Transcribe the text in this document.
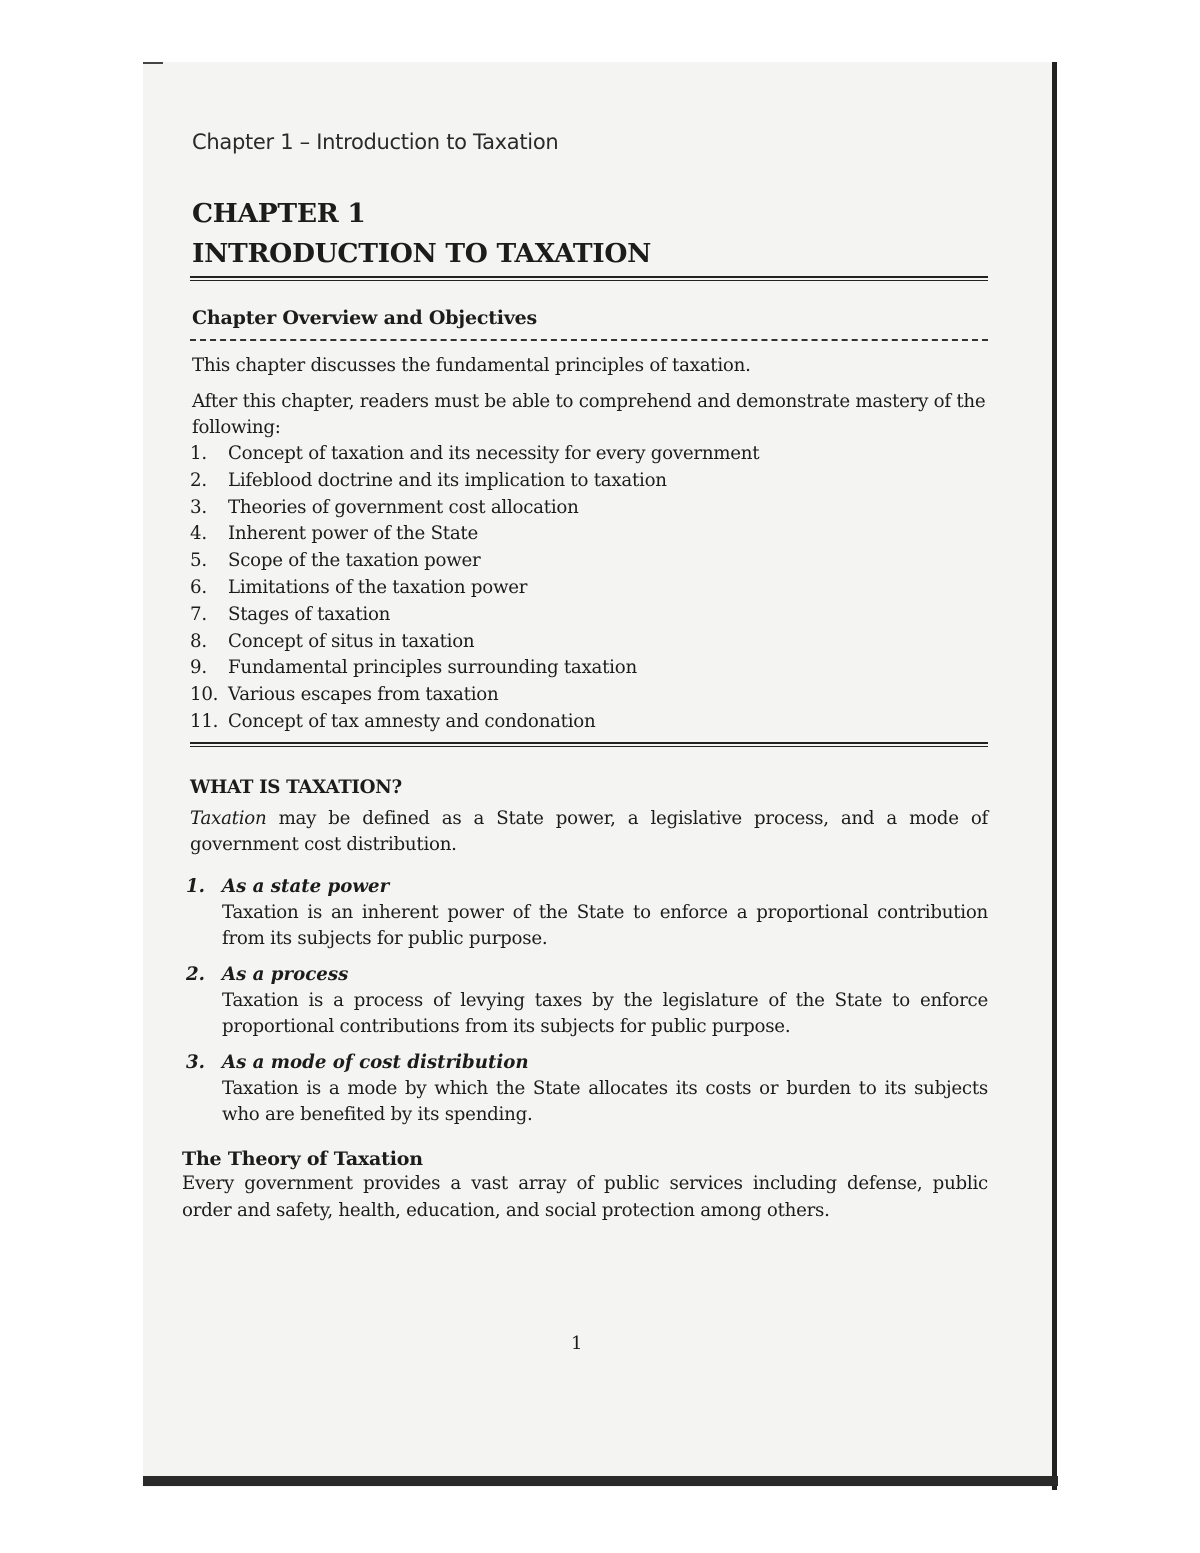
Chapter 1 – Introduction to Taxation
CHAPTER 1
INTRODUCTION TO TAXATION
Chapter Overview and Objectives

This chapter discusses the fundamental principles of taxation.

After this chapter, readers must be able to comprehend and demonstrate mastery of the following:

1.	Concept of taxation and its necessity for every government
2.	Lifeblood doctrine and its implication to taxation
3.	Theories of government cost allocation
4.	Inherent power of the State
5.	Scope of the taxation power
6.	Limitations of the taxation power
7.	Stages of taxation
8.	Concept of situs in taxation
9.	Fundamental principles surrounding taxation
10. Various escapes from taxation
11. Concept of tax amnesty and condonation
WHAT IS TAXATION?

Taxation may be defined as a State power, a legislative process, and a mode of government cost distribution.

1. As a state power
Taxation is an inherent power of the State to enforce a proportional contribution from its subjects for public purpose.
2. As a process
Taxation is a process of levying taxes by the legislature of the State to enforce proportional contributions from its subjects for public purpose.
3. As a mode of cost distribution
Taxation is a mode by which the State allocates its costs or burden to its subjects who are benefited by its spending.
The Theory of Taxation

Every government provides a vast array of public services including defense, public order and safety, health, education, and social protection among others.

1
